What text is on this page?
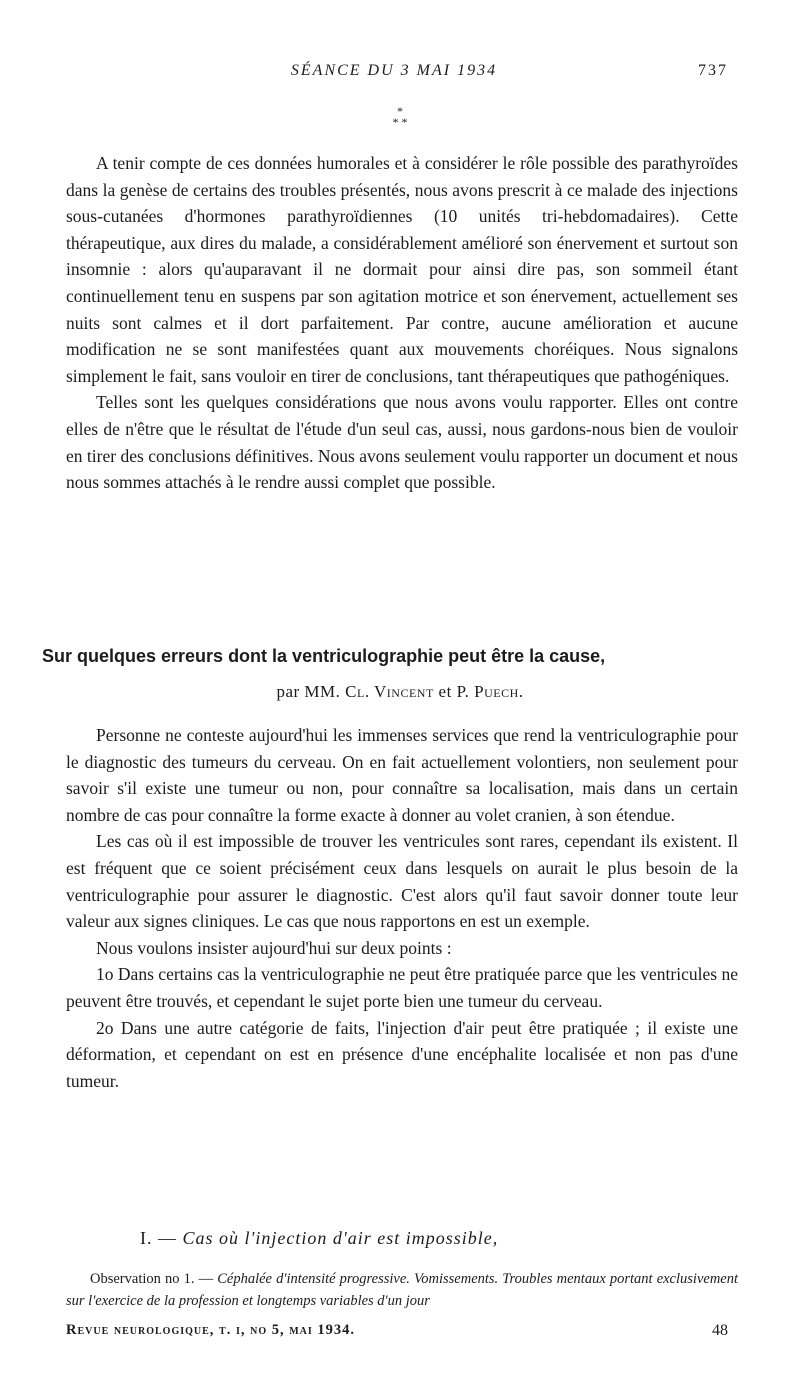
SÉANCE DU 3 MAI 1934	737
*
* *

A tenir compte de ces données humorales et à considérer le rôle possible des parathyroïdes dans la genèse de certains des troubles présentés, nous avons prescrit à ce malade des injections sous-cutanées d'hormones parathyroïdiennes (10 unités tri-hebdomadaires). Cette thérapeutique, aux dires du malade, a considérablement amélioré son énervement et surtout son insomnie : alors qu'auparavant il ne dormait pour ainsi dire pas, son sommeil étant continuellement tenu en suspens par son agitation motrice et son énervement, actuellement ses nuits sont calmes et il dort parfaitement. Par contre, aucune amélioration et aucune modification ne se sont manifestées quant aux mouvements choréiques. Nous signalons simplement le fait, sans vouloir en tirer de conclusions, tant thérapeutiques que pathogéniques.

Telles sont les quelques considérations que nous avons voulu rapporter. Elles ont contre elles de n'être que le résultat de l'étude d'un seul cas, aussi, nous gardons-nous bien de vouloir en tirer des conclusions définitives. Nous avons seulement voulu rapporter un document et nous nous sommes attachés à le rendre aussi complet que possible.

Sur quelques erreurs dont la ventriculographie peut être la cause,
par MM. Cl. Vincent et P. Puech.

Personne ne conteste aujourd'hui les immenses services que rend la ventriculographie pour le diagnostic des tumeurs du cerveau. On en fait actuellement volontiers, non seulement pour savoir s'il existe une tumeur ou non, pour connaître sa localisation, mais dans un certain nombre de cas pour connaître la forme exacte à donner au volet cranien, à son étendue.

Les cas où il est impossible de trouver les ventricules sont rares, cependant ils existent. Il est fréquent que ce soient précisément ceux dans lesquels on aurait le plus besoin de la ventriculographie pour assurer le diagnostic. C'est alors qu'il faut savoir donner toute leur valeur aux signes cliniques. Le cas que nous rapportons en est un exemple.

Nous voulons insister aujourd'hui sur deux points :

1o Dans certains cas la ventriculographie ne peut être pratiquée parce que les ventricules ne peuvent être trouvés, et cependant le sujet porte bien une tumeur du cerveau.

2o Dans une autre catégorie de faits, l'injection d'air peut être pratiquée ; il existe une déformation, et cependant on est en présence d'une encéphalite localisée et non pas d'une tumeur.

I. — Cas où l'injection d'air est impossible,

Observation no 1. — Céphalée d'intensité progressive. Vomissements. Troubles mentaux portant exclusivement sur l'exercice de la profession et longtemps variables d'un jour

Revue neurologique, t. i, no 5, mai 1934.	48
